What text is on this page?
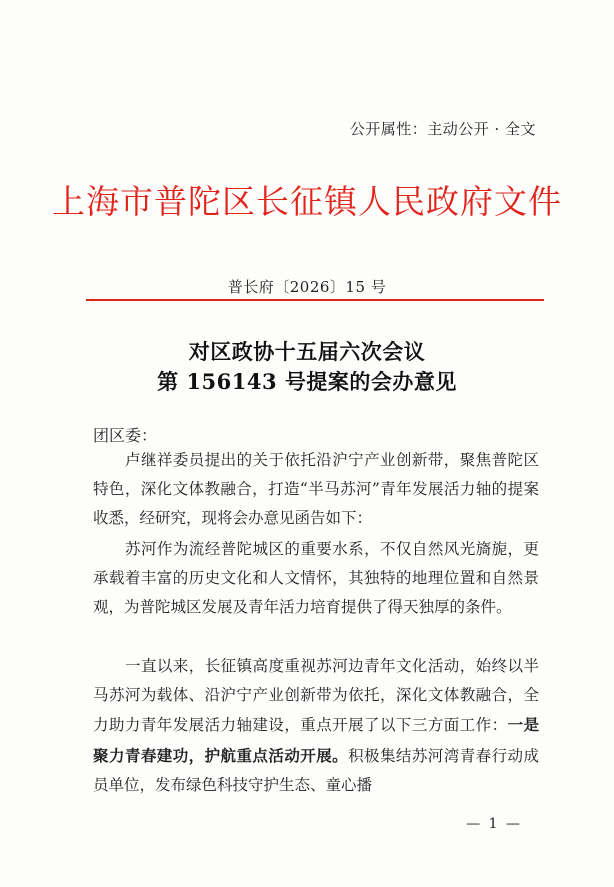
公开属性：主动公开 · 全文
上海市普陀区长征镇人民政府文件
普长府〔2026〕15 号
对区政协十五届六次会议
第 156143 号提案的会办意见
团区委：

卢继祥委员提出的关于依托沿沪宁产业创新带，聚焦普陀区特色，深化文体教融合，打造“半马苏河”青年发展活力轴的提案收悉，经研究，现将会办意见函告如下：

苏河作为流经普陀城区的重要水系，不仅自然风光旖旎，更承载着丰富的历史文化和人文情怀，其独特的地理位置和自然景观，为普陀城区发展及青年活力培育提供了得天独厚的条件。

一直以来，长征镇高度重视苏河边青年文化活动，始终以半马苏河为载体、沿沪宁产业创新带为依托，深化文体教融合，全力助力青年发展活力轴建设，重点开展了以下三方面工作：一是聚力青春建功，护航重点活动开展。积极集结苏河湾青春行动成员单位，发布绿色科技守护生态、童心播

— 1 —
